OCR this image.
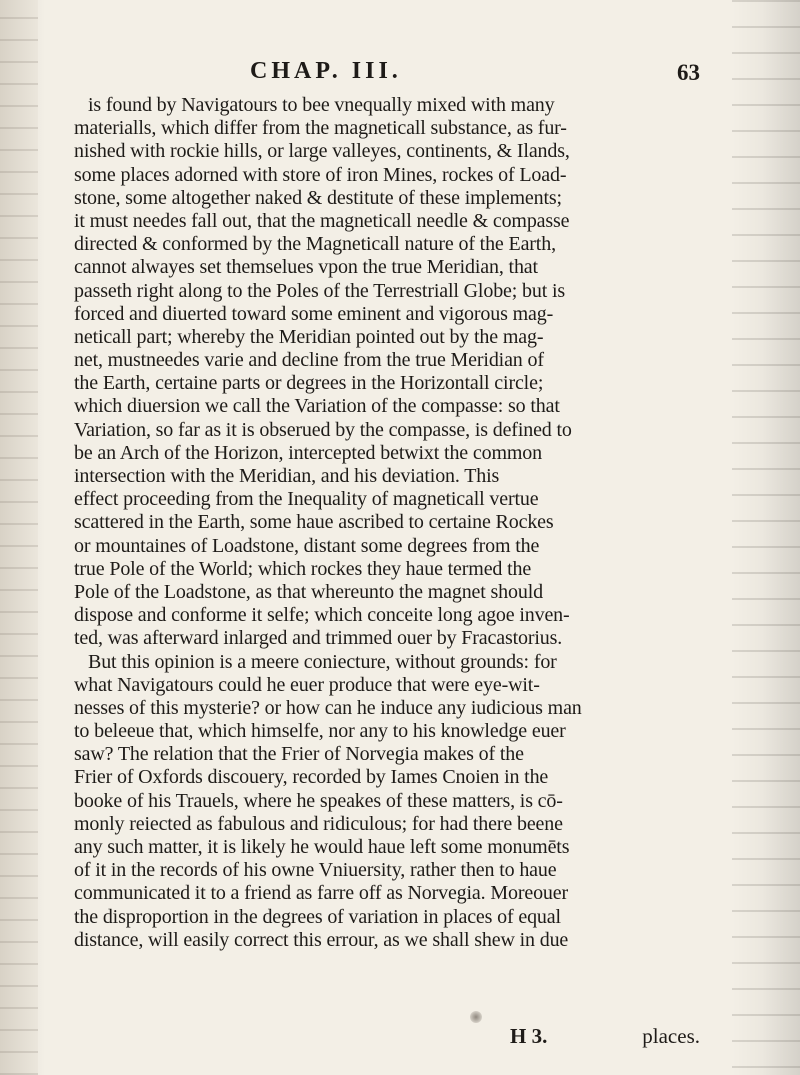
CHAP. III.	63
is found by Navigatours to bee vnequally mixed with many
materialls, which differ from the magneticall substance, as fur-
nished with rockie hills, or large valleyes, continents, & Ilands,
some places adorned with store of iron Mines, rockes of Load-
stone, some altogether naked & destitute of these implements;
it must needes fall out, that the magneticall needle & compasse
directed & conformed by the Magneticall nature of the Earth,
cannot alwayes set themselues vpon the true Meridian, that
passeth right along to the Poles of the Terrestriall Globe; but is
forced and diuerted toward some eminent and vigorous mag-
neticall part; whereby the Meridian pointed out by the mag-
net, mustneedes varie and decline from the true Meridian of
the Earth, certaine parts or degrees in the Horizontall circle;
which diuersion we call the Variation of the compasse: so that
Variation, so far as it is obserued by the compasse, is defined to
be an Arch of the Horizon, intercepted betwixt the common
intersection with the Meridian, and his deviation. This
effect proceeding from the Inequality of magneticall vertue
scattered in the Earth, some haue ascribed to certaine Rockes
or mountaines of Loadstone, distant some degrees from the
true Pole of the World; which rockes they haue termed the
Pole of the Loadstone, as that whereunto the magnet should
dispose and conforme it selfe; which conceite long agoe inven-
ted, was afterward inlarged and trimmed ouer by Fracastorius.
But this opinion is a meere coniecture, without grounds: for
what Navigatours could he euer produce that were eye-wit-
nesses of this mysterie? or how can he induce any iudicious man
to beleeue that, which himselfe, nor any to his knowledge euer
saw? The relation that the Frier of Norvegia makes of the
Frier of Oxfords discouery, recorded by Iames Cnoien in the
booke of his Trauels, where he speakes of these matters, is cō-
monly reiected as fabulous and ridiculous; for had there beene
any such matter, it is likely he would haue left some monumēts
of it in the records of his owne Vniuersity, rather then to haue
communicated it to a friend as farre off as Norvegia. Moreouer
the disproportion in the degrees of variation in places of equal
distance, will easily correct this errour, as we shall shew in due
H 3.	places.
